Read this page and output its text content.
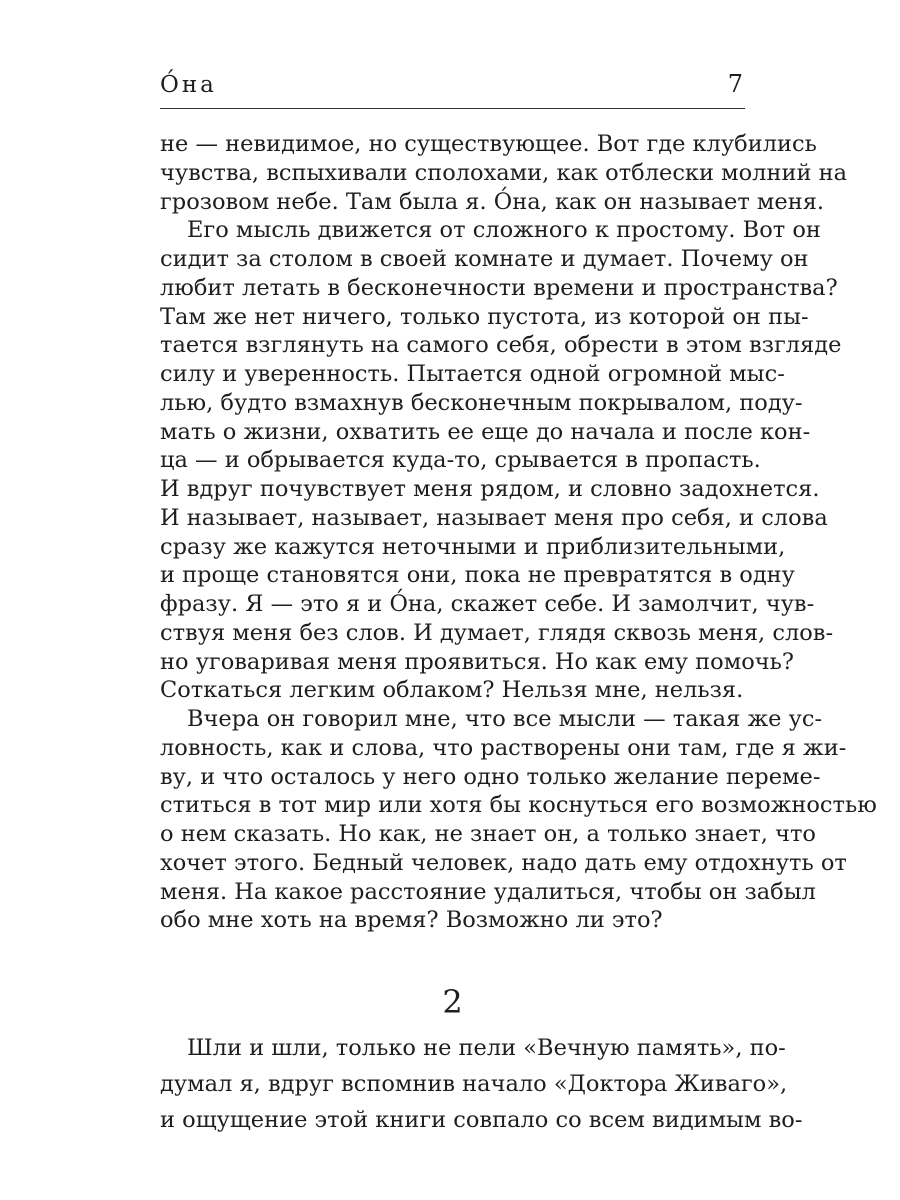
О́на	7
не — невидимое, но существующее. Вот где клубились
чувства, вспыхивали сполохами, как отблески молний на
грозовом небе. Там была я. О́на, как он называет меня.
Его мысль движется от сложного к простому. Вот он
сидит за столом в своей комнате и думает. Почему он
любит летать в бесконечности времени и пространства?
Там же нет ничего, только пустота, из которой он пы-
тается взглянуть на самого себя, обрести в этом взгляде
силу и уверенность. Пытается одной огромной мыс-
лью, будто взмахнув бесконечным покрывалом, поду-
мать о жизни, охватить ее еще до начала и после кон-
ца — и обрывается куда-то, срывается в пропасть.
И вдруг почувствует меня рядом, и словно задохнется.
И называет, называет, называет меня про себя, и слова
сразу же кажутся неточными и приблизительными,
и проще становятся они, пока не превратятся в одну
фразу. Я — это я и О́на, скажет себе. И замолчит, чув-
ствуя меня без слов. И думает, глядя сквозь меня, слов-
но уговаривая меня проявиться. Но как ему помочь?
Соткаться легким облаком? Нельзя мне, нельзя.
Вчера он говорил мне, что все мысли — такая же ус-
ловность, как и слова, что растворены они там, где я жи-
ву, и что осталось у него одно только желание переме-
ститься в тот мир или хотя бы коснуться его возможностью
о нем сказать. Но как, не знает он, а только знает, что
хочет этого. Бедный человек, надо дать ему отдохнуть от
меня. На какое расстояние удалиться, чтобы он забыл
обо мне хоть на время? Возможно ли это?
2
Шли и шли, только не пели «Вечную память», по-
думал я, вдруг вспомнив начало «Доктора Живаго»,
и ощущение этой книги совпало со всем видимым во-
